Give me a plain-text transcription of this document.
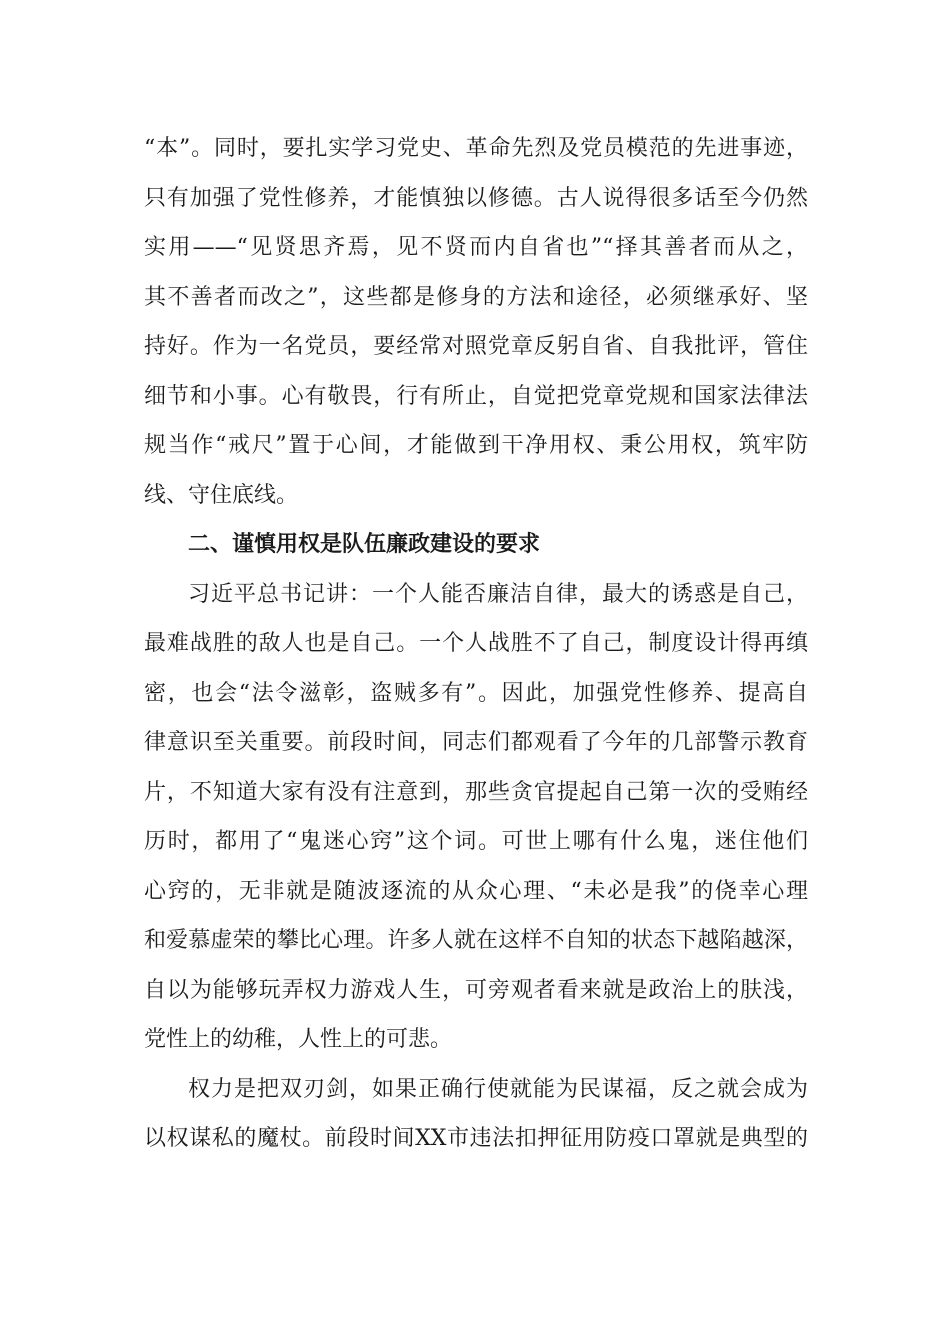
“本”。同时，要扎实学习党史、革命先烈及党员模范的先进事迹，
只有加强了党性修养，才能慎独以修德。古人说得很多话至今仍然
实用——“见贤思齐焉，见不贤而内自省也”“择其善者而从之，
其不善者而改之”，这些都是修身的方法和途径，必须继承好、坚
持好。作为一名党员，要经常对照党章反躬自省、自我批评，管住
细节和小事。心有敬畏，行有所止，自觉把党章党规和国家法律法
规当作“戒尺”置于心间，才能做到干净用权、秉公用权，筑牢防
线、守住底线。
二、谨慎用权是队伍廉政建设的要求
习近平总书记讲：一个人能否廉洁自律，最大的诱惑是自己，
最难战胜的敌人也是自己。一个人战胜不了自己，制度设计得再缜
密，也会“法令滋彰，盗贼多有”。因此，加强党性修养、提高自
律意识至关重要。前段时间，同志们都观看了今年的几部警示教育
片，不知道大家有没有注意到，那些贪官提起自己第一次的受贿经
历时，都用了“鬼迷心窍”这个词。可世上哪有什么鬼，迷住他们
心窍的，无非就是随波逐流的从众心理、“未必是我”的侥幸心理
和爱慕虚荣的攀比心理。许多人就在这样不自知的状态下越陷越深，
自以为能够玩弄权力游戏人生，可旁观者看来就是政治上的肤浅，
党性上的幼稚，人性上的可悲。
权力是把双刃剑，如果正确行使就能为民谋福，反之就会成为
以权谋私的魔杖。前段时间XX市违法扣押征用防疫口罩就是典型的
